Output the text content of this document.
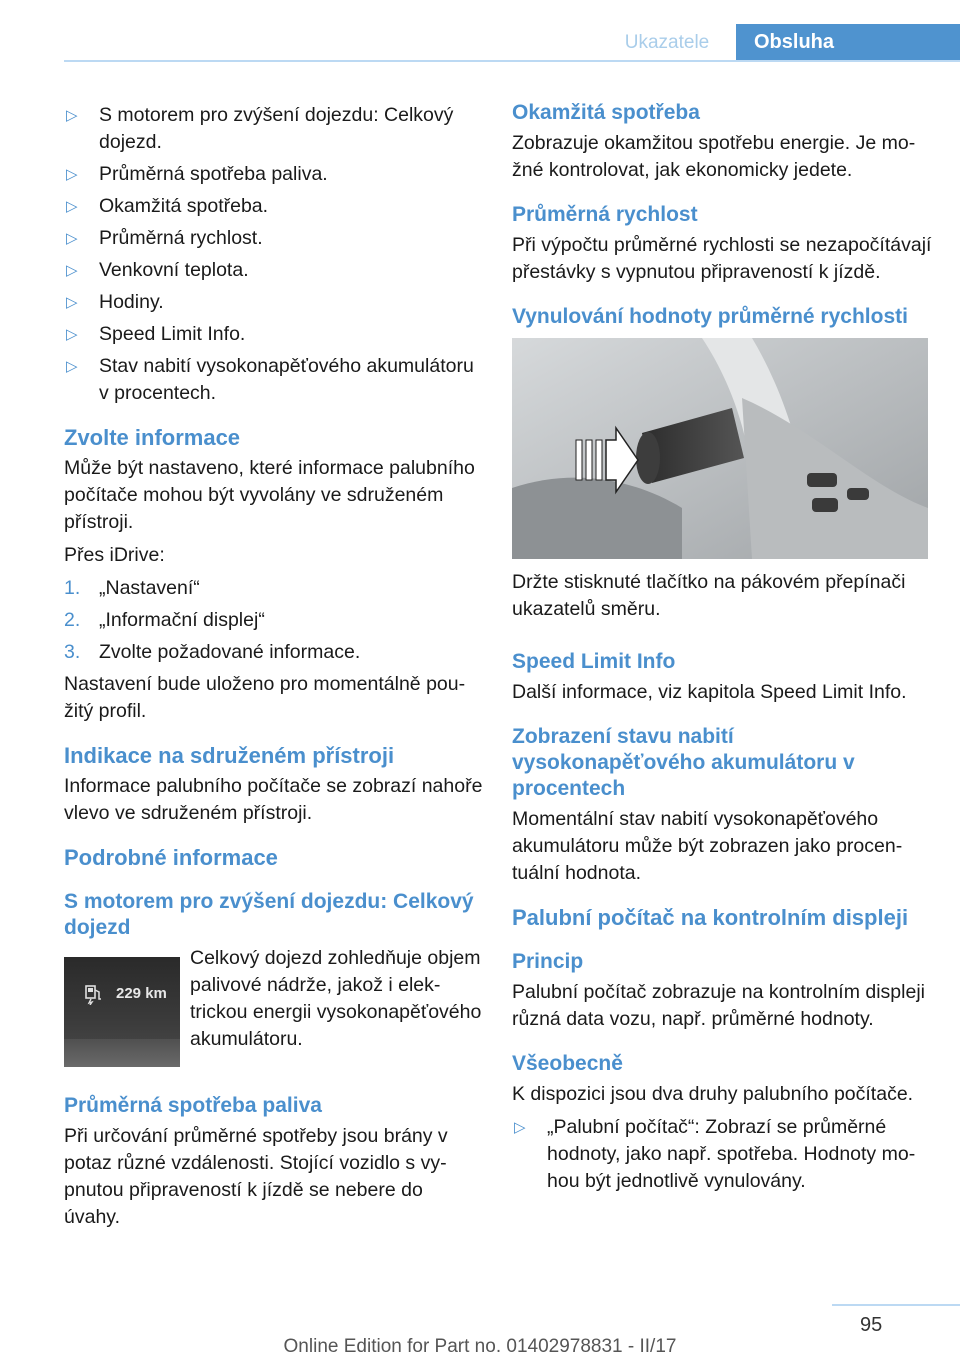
Ukazatele	Obsluha
▷ S motorem pro zvýšení dojezdu: Celkový dojezd.
▷ Průměrná spotřeba paliva.
▷ Okamžitá spotřeba.
▷ Průměrná rychlost.
▷ Venkovní teplota.
▷ Hodiny.
▷ Speed Limit Info.
▷ Stav nabití vysokonapěťového akumulátoru v procentech.
Zvolte informace

Může být nastaveno, které informace palubního počítače mohou být vyvolány ve sdruženém přístroji.

Přes iDrive:

1. „Nastavení“
2. „Informační displej“
3. Zvolte požadované informace.

Nastavení bude uloženo pro momentálně použitý profil.

Indikace na sdruženém přístroji

Informace palubního počítače se zobrazí nahoře vlevo ve sdruženém přístroji.

Podrobné informace
S motorem pro zvýšení dojezdu: Celkový dojezd
229 km

Celkový dojezd zohledňuje objem palivové nádrže, jakož i elektrickou energii vysokonapěťového akumulátoru.

Průměrná spotřeba paliva

Při určování průměrné spotřeby jsou brány v potaz různé vzdálenosti. Stojící vozidlo s vypnutou připraveností k jízdě se nebere do úvahy.

Okamžitá spotřeba

Zobrazuje okamžitou spotřebu energie. Je možné kontrolovat, jak ekonomicky jedete.

Průměrná rychlost

Při výpočtu průměrné rychlosti se nezapočítávají přestávky s vypnutou připraveností k jízdě.

Vynulování hodnoty průměrné rychlosti

Držte stisknuté tlačítko na pákovém přepínači ukazatelů směru.

Speed Limit Info

Další informace, viz kapitola Speed Limit Info.

Zobrazení stavu nabití vysokonapěťového akumulátoru v procentech

Momentální stav nabití vysokonapěťového akumulátoru může být zobrazen jako procentuální hodnota.

Palubní počítač na kontrolním displeji
Princip

Palubní počítač zobrazuje na kontrolním displeji různá data vozu, např. průměrné hodnoty.

Všeobecně

K dispozici jsou dva druhy palubního počítače.

▷ „Palubní počítač“: Zobrazí se průměrné hodnoty, jako např. spotřeba. Hodnoty mohou být jednotlivě vynulovány.
95
Online Edition for Part no. 01402978831 - II/17
